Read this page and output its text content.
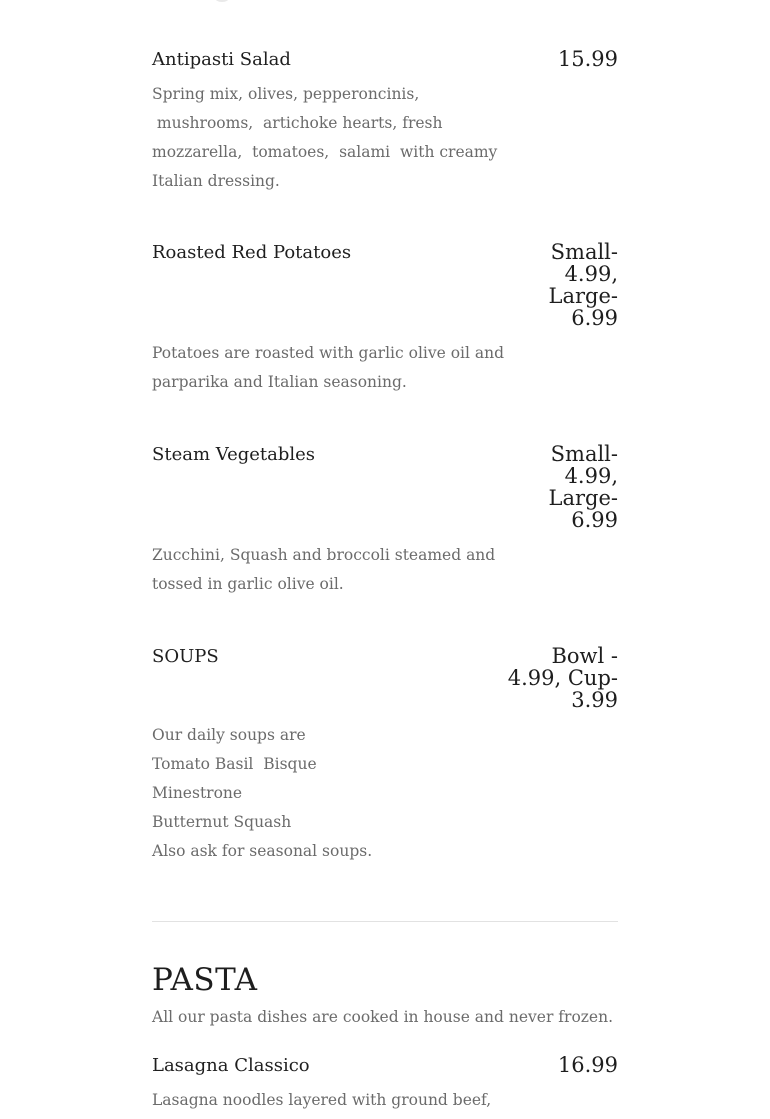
Antipasti Salad	15.99
Spring mix, olives, pepperoncinis,
mushrooms,  artichoke hearts, fresh
mozzarella,  tomatoes,  salami  with creamy
Italian dressing.
Roasted Red Potatoes	Small- 4.99, Large- 6.99
Potatoes are roasted with garlic olive oil and
parparika and Italian seasoning.
Steam Vegetables	Small- 4.99, Large- 6.99
Zucchini, Squash and broccoli steamed and
tossed in garlic olive oil.
SOUPS	Bowl - 4.99, Cup- 3.99
Our daily soups are
Tomato Basil  Bisque
Minestrone
Butternut Squash
Also ask for seasonal soups.
PASTA

All our pasta dishes are cooked in house and never frozen.

Lasagna Classico	16.99
Lasagna noodles layered with ground beef,
